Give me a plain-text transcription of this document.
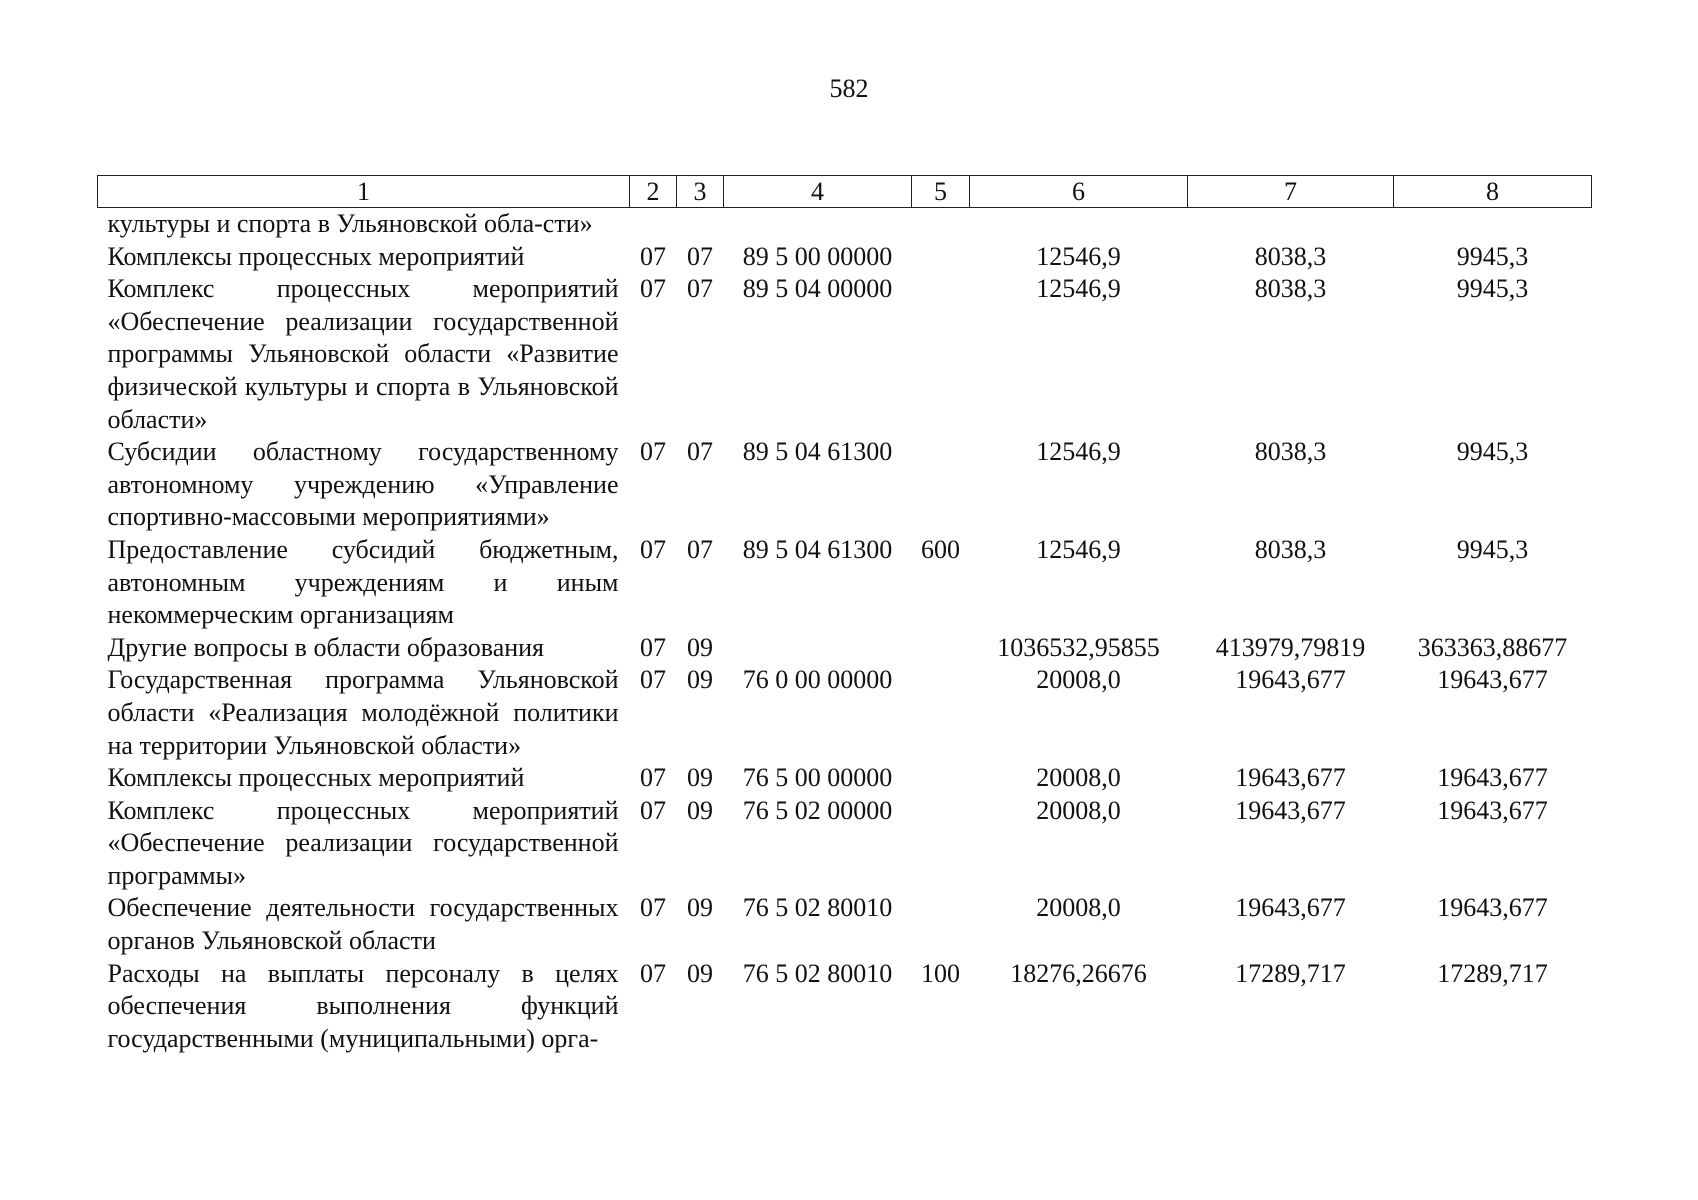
582
1	2	3	4	5	6	7	8
культуры и спорта в Ульяновской обла-сти»							
Комплексы процессных мероприятий	07	07	89 5 00 00000		12546,9	8038,3	9945,3
Комплекс процессных мероприятий «Обеспечение реализации государственной программы Ульяновской области «Развитие физической культуры и спорта в Ульяновской области»	07	07	89 5 04 00000		12546,9	8038,3	9945,3
Субсидии областному государственному автономному учреждению «Управление спортивно-массовыми мероприятиями»	07	07	89 5 04 61300		12546,9	8038,3	9945,3
Предоставление субсидий бюджетным, автономным учреждениям и иным некоммерческим организациям	07	07	89 5 04 61300	600	12546,9	8038,3	9945,3
Другие вопросы в области образования	07	09			1036532,95855	413979,79819	363363,88677
Государственная программа Ульяновской области «Реализация молодёжной политики на территории Ульяновской области»	07	09	76 0 00 00000		20008,0	19643,677	19643,677
Комплексы процессных мероприятий	07	09	76 5 00 00000		20008,0	19643,677	19643,677
Комплекс процессных мероприятий «Обеспечение реализации государственной программы»	07	09	76 5 02 00000		20008,0	19643,677	19643,677
Обеспечение деятельности государственных органов Ульяновской области	07	09	76 5 02 80010		20008,0	19643,677	19643,677
Расходы на выплаты персоналу в целях обеспечения выполнения функций государственными (муниципальными) орга-	07	09	76 5 02 80010	100	18276,26676	17289,717	17289,717
